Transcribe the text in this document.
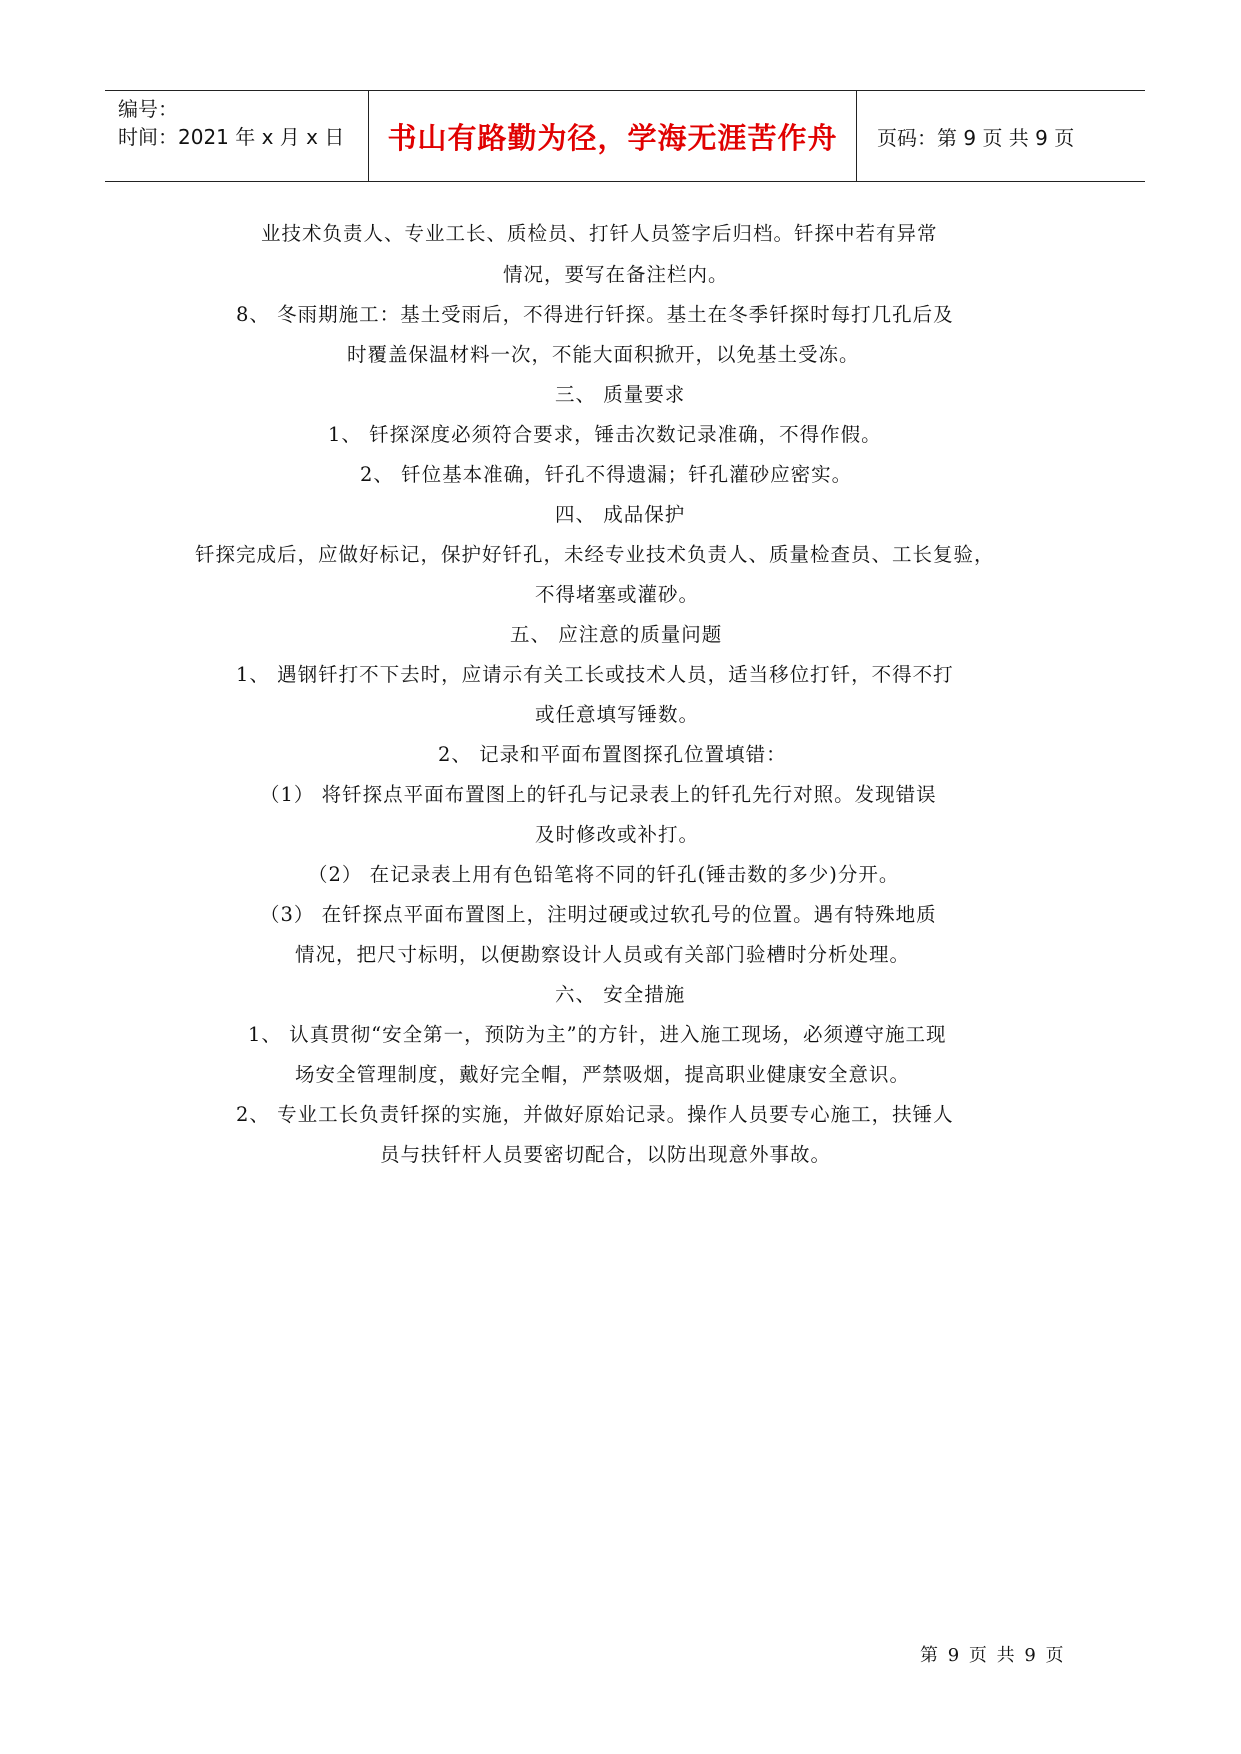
编号：
时间：2021 年 x 月 x 日	书山有路勤为径，学海无涯苦作舟	页码：第 9 页 共 9 页
业技术负责人、专业工长、质检员、打钎人员签字后归档。钎探中若有异常
情况，要写在备注栏内。
8、 冬雨期施工：基土受雨后，不得进行钎探。基土在冬季钎探时每打几孔后及
时覆盖保温材料一次，不能大面积掀开，以免基土受冻。
三、 质量要求
1、 钎探深度必须符合要求，锤击次数记录准确，不得作假。
2、 钎位基本准确，钎孔不得遗漏；钎孔灌砂应密实。
四、 成品保护
钎探完成后，应做好标记，保护好钎孔，未经专业技术负责人、质量检查员、工长复验，
不得堵塞或灌砂。
五、 应注意的质量问题
1、 遇钢钎打不下去时，应请示有关工长或技术人员，适当移位打钎，不得不打
或任意填写锤数。
2、 记录和平面布置图探孔位置填错：
（1） 将钎探点平面布置图上的钎孔与记录表上的钎孔先行对照。发现错误
及时修改或补打。
（2） 在记录表上用有色铅笔将不同的钎孔(锤击数的多少)分开。
（3） 在钎探点平面布置图上，注明过硬或过软孔号的位置。遇有特殊地质
情况，把尺寸标明，以便勘察设计人员或有关部门验槽时分析处理。
六、 安全措施
1、 认真贯彻“安全第一，预防为主”的方针，进入施工现场，必须遵守施工现
场安全管理制度，戴好完全帽，严禁吸烟，提高职业健康安全意识。
2、 专业工长负责钎探的实施，并做好原始记录。操作人员要专心施工，扶锤人
员与扶钎杆人员要密切配合，以防出现意外事故。
第 9 页 共 9 页
